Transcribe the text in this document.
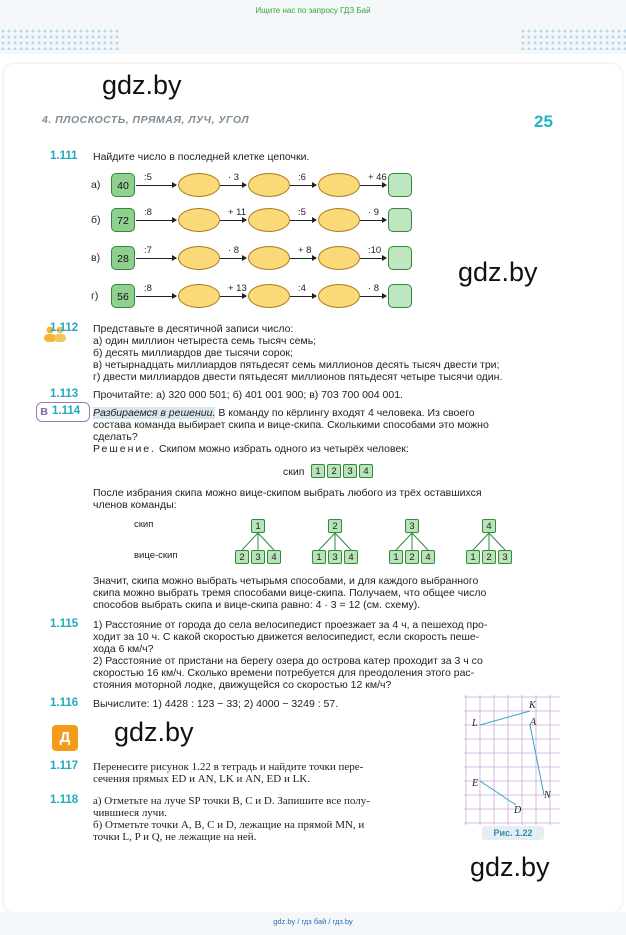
Ищите нас по запросу ГДЗ Бай
gdz.by
gdz.by
gdz.by
gdz.by
4. ПЛОСКОСТЬ, ПРЯМАЯ, ЛУЧ, УГОЛ	25
1.111 Найдите число в последней клетке цепочки.
а)	40
:5	· 3	:6	+ 46
б)	72
:8	+ 11	:5	· 9
в)	28
:7	· 8	+ 8	:10
г)	56
:8	+ 13	:4	· 8
1.112 Представьте в десятичной записи число:
а) один миллион четыреста семь тысяч семь;
б) десять миллиардов две тысячи сорок;
в) четырнадцать миллиардов пятьдесят семь миллионов десять тысяч двести три;
г) двести миллиардов двести пятьдесят миллионов пятьдесят четыре тысячи один.
1.113 Прочитайте: а) 320 000 501; б) 401 001 900; в) 703 700 004 001.
в 1.114 Разбираемся в решении. В команду по кёрлингу входят 4 человека. Из своего
состава команда выбирает скипа и вице-скипа. Сколькими способами это можно
сделать?
Решение. Скипом можно избрать одного из четырёх человек:
скип	1	2	3	4
После избрания скипа можно вице-скипом выбрать любого из трёх оставшихся
членов команды:
скип
вице-скип
1
2	3	4
2
1	3	4
3
1	2	4
4
1	2	3
Значит, скипа можно выбрать четырьмя способами, и для каждого выбранного
скипа можно выбрать тремя способами вице-скипа. Получаем, что общее число
способов выбрать скипа и вице-скипа равно: 4 · 3 = 12 (см. схему).
1.115 1) Расстояние от города до села велосипедист проезжает за 4 ч, а пешеход про-
ходит за 10 ч. С какой скоростью движется велосипедист, если скорость пеше-
хода 6 км/ч?
2) Расстояние от пристани на берегу озера до острова катер проходит за 3 ч со
скоростью 16 км/ч. Сколько времени потребуется для преодоления этого рас-
стояния моторной лодке, движущейся со скоростью 12 км/ч?
1.116 Вычислите: 1) 4428 : 123 − 33; 2) 4000 − 3249 : 57.
Д
1.117 Перенесите рисунок 1.22 в тетрадь и найдите точки пере-
сечения прямых ED и AN, LK и AN, ED и LK.
1.118 а) Отметьте на луче SP точки B, C и D. Запишите все полу-
чившиеся лучи.
б) Отметьте точки A, B, C и D, лежащие на прямой MN, и
точки L, P и Q, не лежащие на ней.
L
K
A
E
N
D
Рис. 1.22
gdz.by / гдз бай / гдз.by
